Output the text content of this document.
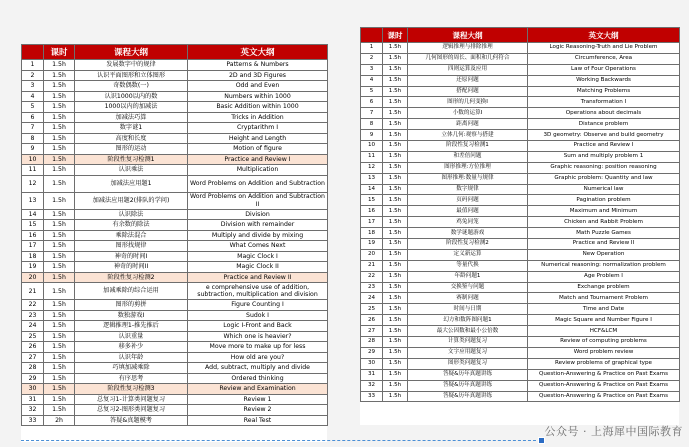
	课时	课程大纲	英文大纲
1	1.5h	发展数字中的规律	Patterns & Numbers
2	1.5h	认识平面图形和立体图形	2D and 3D Figures
3	1.5h	奇数偶数(一)	Odd and Even
4	1.5h	认识1000以内的数	Numbers within 1000
5	1.5h	1000以内的加减法	Basic Addition within 1000
6	1.5h	加减法巧算	Tricks in Addition
7	1.5h	数字谜1	Cryptarithm I
8	1.5h	高度和长度	Height and Length
9	1.5h	图形的运动	Motion of figure
10	1.5h	阶段性复习检测1	Practice and Review I
11	1.5h	认识乘法	Multiplication
12	1.5h	加减法应用题1	Word Problems on Addition and Subtraction
13	1.5h	加减法应用题2(排队的学问)	Word Problems on Addition and Subtraction II
14	1.5h	认识除法	Division
15	1.5h	有余数的除法	Division with remainder
16	1.5h	乘除法混合	Multiply and divide by mixing
17	1.5h	图形找规律	What Comes Next
18	1.5h	神奇的时间I	Magic Clock I
19	1.5h	神奇的时间II	Magic Clock II
20	1.5h	阶段性复习检测2	Practice and Review II
21	1.5h	加减乘除的综合运用	e comprehensive use of addition, subtraction, multiplication and division
22	1.5h	图形的剪拼	Figure Counting I
23	1.5h	数独游戏I	Sudok I
24	1.5h	逻辑推理1-推先推后	Logic I-Front and Back
25	1.5h	认识重量	Which one is heavier?
26	1.5h	移多补少	Move more to make up for less
27	1.5h	认识年龄	How old are you?
28	1.5h	巧填加减乘除	Add, subtract, multiply and divide
29	1.5h	有序思考	Ordered thinking
30	1.5h	阶段性复习检测3	Review and Examination
31	1.5h	总复习1-计算类问题复习	Review 1
32	1.5h	总复习2-图形类问题复习	Review 2
33	2h	答疑&真题模考	Real Test
	课时	课程大纲	英文大纲
1	1.5h	逻辑推理与排除推理	Logic Reasoning-Truth and Lie Problem
2	1.5h	几何图形的周长、面积和几何符合	Circumference, Area
3	1.5h	四则运算及应用	Law of Four Operations
4	1.5h	还原问题	Working Backwards
5	1.5h	搭配问题	Matching Problems
6	1.5h	图形的几何变换I	Transformation I
7	1.5h	小数的运算I	Operations about decimals
8	1.5h	距离问题	Distance problem
9	1.5h	立体几何:观察与搭建	3D geometry: Observe and build geometry
10	1.5h	阶段性复习检测1	Practice and Review I
11	1.5h	和差倍问题	Sum and multiply problem 1
12	1.5h	图形推理:方位推理	Graphic reasoning: position reasoning
13	1.5h	图形推理:数量与规律	Graphic problem: Quantity and law
14	1.5h	数字规律	Numerical law
15	1.5h	页码问题	Pagination problem
16	1.5h	最值问题	Maximum and Minimum
17	1.5h	鸡兔同笼	Chicken and Rabbit Problem
18	1.5h	数学谜题游戏	Math Puzzle Games
19	1.5h	阶段性复习检测2	Practice and Review II
20	1.5h	定义新运算	New Operation
21	1.5h	等量代换	Numerical reasoning: normalization problem
22	1.5h	年龄问题1	Age Problem I
23	1.5h	交换鉴与问题	Exchange problem
24	1.5h	赛制问题	Match and Tournament Problem
25	1.5h	时间与日期	Time and Date
26	1.5h	幻方和数阵图问题1	Magic Square and Number Figure I
27	1.5h	最大公因数和最小公倍数	HCF&LCM
28	1.5h	计算类问题复习	Review of computing problems
29	1.5h	文字应用题复习	Word problem review
30	1.5h	图形类问题复习	Review problems of graphical type
31	1.5h	答疑&历年真题讲练	Question-Answering & Practice on Past Exams
32	1.5h	答疑&历年真题讲练	Question-Answering & Practice on Past Exams
33	1.5h	答疑&历年真题讲练	Question-Answering & Practice on Past Exams
公众号 · 上海犀中国际教育
